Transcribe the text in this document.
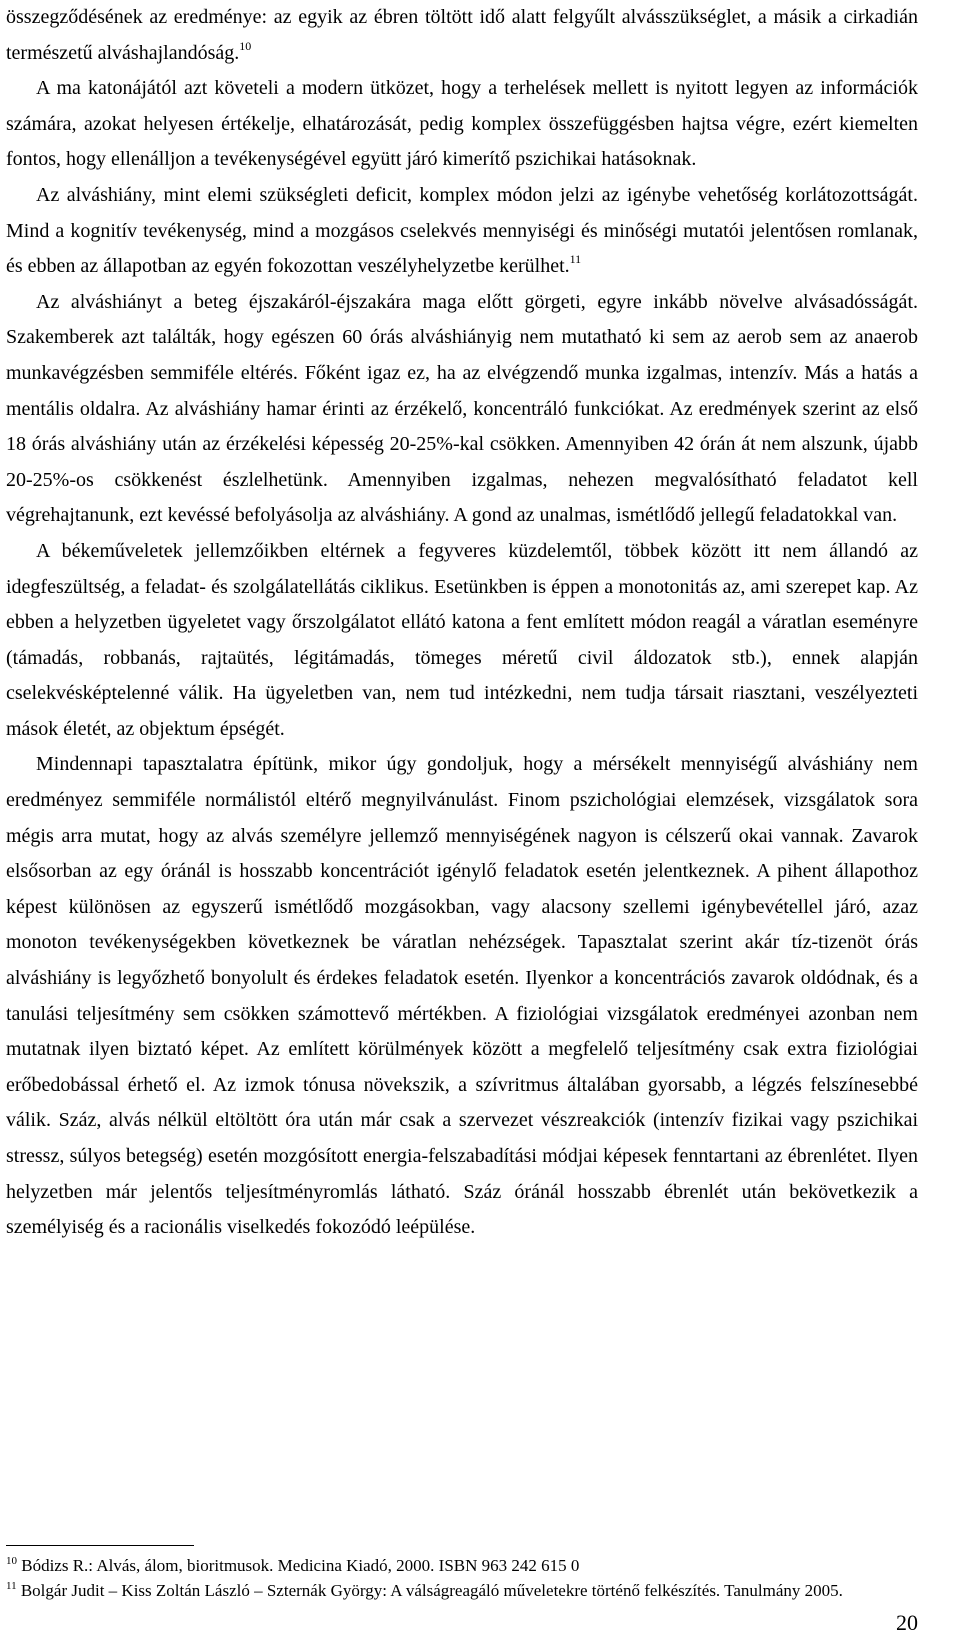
összegződésének az eredménye: az egyik az ébren töltött idő alatt felgyűlt alvásszükséglet, a másik a cirkadián természetű alváshajlandóság.$^{10}$

A ma katonájától azt követeli a modern ütközet, hogy a terhelések mellett is nyitott legyen az információk számára, azokat helyesen értékelje, elhatározását, pedig komplex összefüggésben hajtsa végre, ezért kiemelten fontos, hogy ellenálljon a tevékenységével együtt járó kimerítő pszichikai hatásoknak.

Az alváshiány, mint elemi szükségleti deficit, komplex módon jelzi az igénybe vehetőség korlátozottságát. Mind a kognitív tevékenység, mind a mozgásos cselekvés mennyiségi és minőségi mutatói jelentősen romlanak, és ebben az állapotban az egyén fokozottan veszélyhelyzetbe kerülhet.$^{11}$

Az alváshiányt a beteg éjszakáról-éjszakára maga előtt görgeti, egyre inkább növelve alvásadósságát. Szakemberek azt találták, hogy egészen 60 órás alváshiányig nem mutatható ki sem az aerob sem az anaerob munkavégzésben semmiféle eltérés. Főként igaz ez, ha az elvégzendő munka izgalmas, intenzív. Más a hatás a mentális oldalra. Az alváshiány hamar érinti az érzékelő, koncentráló funkciókat. Az eredmények szerint az első 18 órás alváshiány után az érzékelési képesség 20-25%-kal csökken. Amennyiben 42 órán át nem alszunk, újabb 20-25%-os csökkenést észlelhetünk. Amennyiben izgalmas, nehezen megvalósítható feladatot kell végrehajtanunk, ezt kevéssé befolyásolja az alváshiány. A gond az unalmas, ismétlődő jellegű feladatokkal van.

A békeműveletek jellemzőikben eltérnek a fegyveres küzdelemtől, többek között itt nem állandó az idegfeszültség, a feladat- és szolgálatellátás ciklikus. Esetünkben is éppen a monotonitás az, ami szerepet kap. Az ebben a helyzetben ügyeletet vagy őrszolgálatot ellátó katona a fent említett módon reagál a váratlan eseményre (támadás, robbanás, rajtaütés, légitámadás, tömeges méretű civil áldozatok stb.), ennek alapján cselekvésképtelenné válik. Ha ügyeletben van, nem tud intézkedni, nem tudja társait riasztani, veszélyezteti mások életét, az objektum épségét.

Mindennapi tapasztalatra építünk, mikor úgy gondoljuk, hogy a mérsékelt mennyiségű alváshiány nem eredményez semmiféle normálistól eltérő megnyilvánulást. Finom pszichológiai elemzések, vizsgálatok sora mégis arra mutat, hogy az alvás személyre jellemző mennyiségének nagyon is célszerű okai vannak. Zavarok elsősorban az egy óránál is hosszabb koncentrációt igénylő feladatok esetén jelentkeznek. A pihent állapothoz képest különösen az egyszerű ismétlődő mozgásokban, vagy alacsony szellemi igénybevétellel járó, azaz monoton tevékenységekben következnek be váratlan nehézségek. Tapasztalat szerint akár tíz-tizenöt órás alváshiány is legyőzhető bonyolult és érdekes feladatok esetén. Ilyenkor a koncentrációs zavarok oldódnak, és a tanulási teljesítmény sem csökken számottevő mértékben. A fiziológiai vizsgálatok eredményei azonban nem mutatnak ilyen biztató képet. Az említett körülmények között a megfelelő teljesítmény csak extra fiziológiai erőbedobással érhető el. Az izmok tónusa növekszik, a szívritmus általában gyorsabb, a légzés felszínesebbé válik. Száz, alvás nélkül eltöltött óra után már csak a szervezet vészreakciók (intenzív fizikai vagy pszichikai stressz, súlyos betegség) esetén mozgósított energia-felszabadítási módjai képesek fenntartani az ébrenlétet. Ilyen helyzetben már jelentős teljesítményromlás látható. Száz óránál hosszabb ébrenlét után bekövetkezik a személyiség és a racionális viselkedés fokozódó leépülése.

$^{10}$ Bódizs R.: Alvás, álom, bioritmusok. Medicina Kiadó, 2000. ISBN 963 242 615 0

$^{11}$ Bolgár Judit – Kiss Zoltán László – Szternák György: A válságreagáló műveletekre történő felkészítés. Tanulmány 2005.

20
